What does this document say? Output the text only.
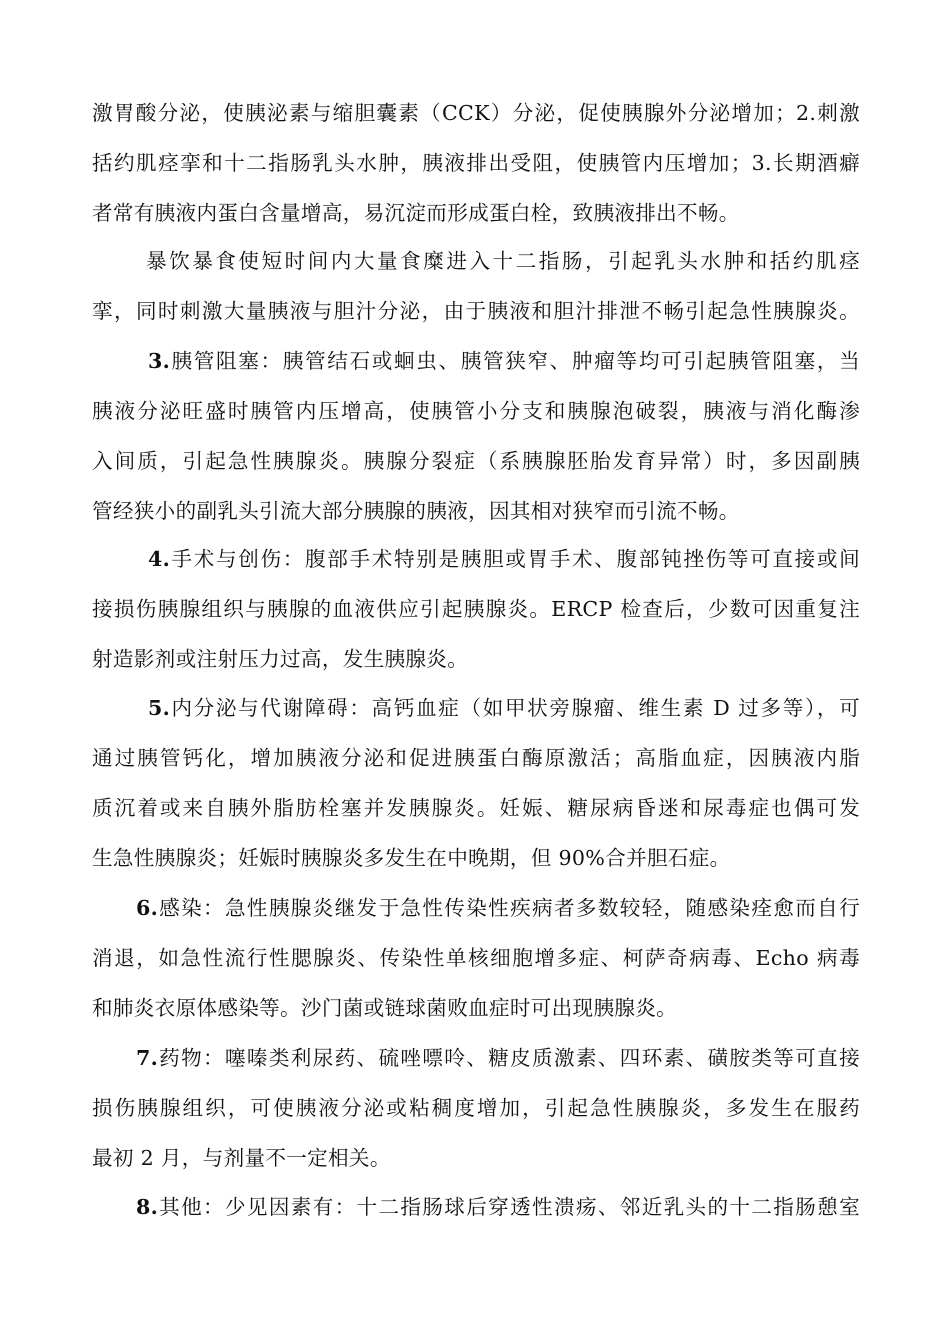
激胃酸分泌，使胰泌素与缩胆囊素（CCK）分泌，促使胰腺外分泌增加；2.刺激
括约肌痉挛和十二指肠乳头水肿，胰液排出受阻，使胰管内压增加；3.长期酒癖
者常有胰液内蛋白含量增高，易沉淀而形成蛋白栓，致胰液排出不畅。
暴饮暴食使短时间内大量食糜进入十二指肠，引起乳头水肿和括约肌痉
挛，同时刺激大量胰液与胆汁分泌，由于胰液和胆汁排泄不畅引起急性胰腺炎。
3.胰管阻塞：胰管结石或蛔虫、胰管狭窄、肿瘤等均可引起胰管阻塞，当
胰液分泌旺盛时胰管内压增高，使胰管小分支和胰腺泡破裂，胰液与消化酶渗
入间质，引起急性胰腺炎。胰腺分裂症（系胰腺胚胎发育异常）时，多因副胰
管经狭小的副乳头引流大部分胰腺的胰液，因其相对狭窄而引流不畅。
4.手术与创伤：腹部手术特别是胰胆或胃手术、腹部钝挫伤等可直接或间
接损伤胰腺组织与胰腺的血液供应引起胰腺炎。ERCP 检查后，少数可因重复注
射造影剂或注射压力过高，发生胰腺炎。
5.内分泌与代谢障碍：高钙血症（如甲状旁腺瘤、维生素 D 过多等），可
通过胰管钙化，增加胰液分泌和促进胰蛋白酶原激活；高脂血症，因胰液内脂
质沉着或来自胰外脂肪栓塞并发胰腺炎。妊娠、糖尿病昏迷和尿毒症也偶可发
生急性胰腺炎；妊娠时胰腺炎多发生在中晚期，但 90%合并胆石症。
6.感染：急性胰腺炎继发于急性传染性疾病者多数较轻，随感染痊愈而自行
消退，如急性流行性腮腺炎、传染性单核细胞增多症、柯萨奇病毒、Echo 病毒
和肺炎衣原体感染等。沙门菌或链球菌败血症时可出现胰腺炎。
7.药物：噻嗪类利尿药、硫唑嘌呤、糖皮质激素、四环素、磺胺类等可直接
损伤胰腺组织，可使胰液分泌或粘稠度增加，引起急性胰腺炎，多发生在服药
最初 2 月，与剂量不一定相关。
8.其他：少见因素有：十二指肠球后穿透性溃疡、邻近乳头的十二指肠憩室
